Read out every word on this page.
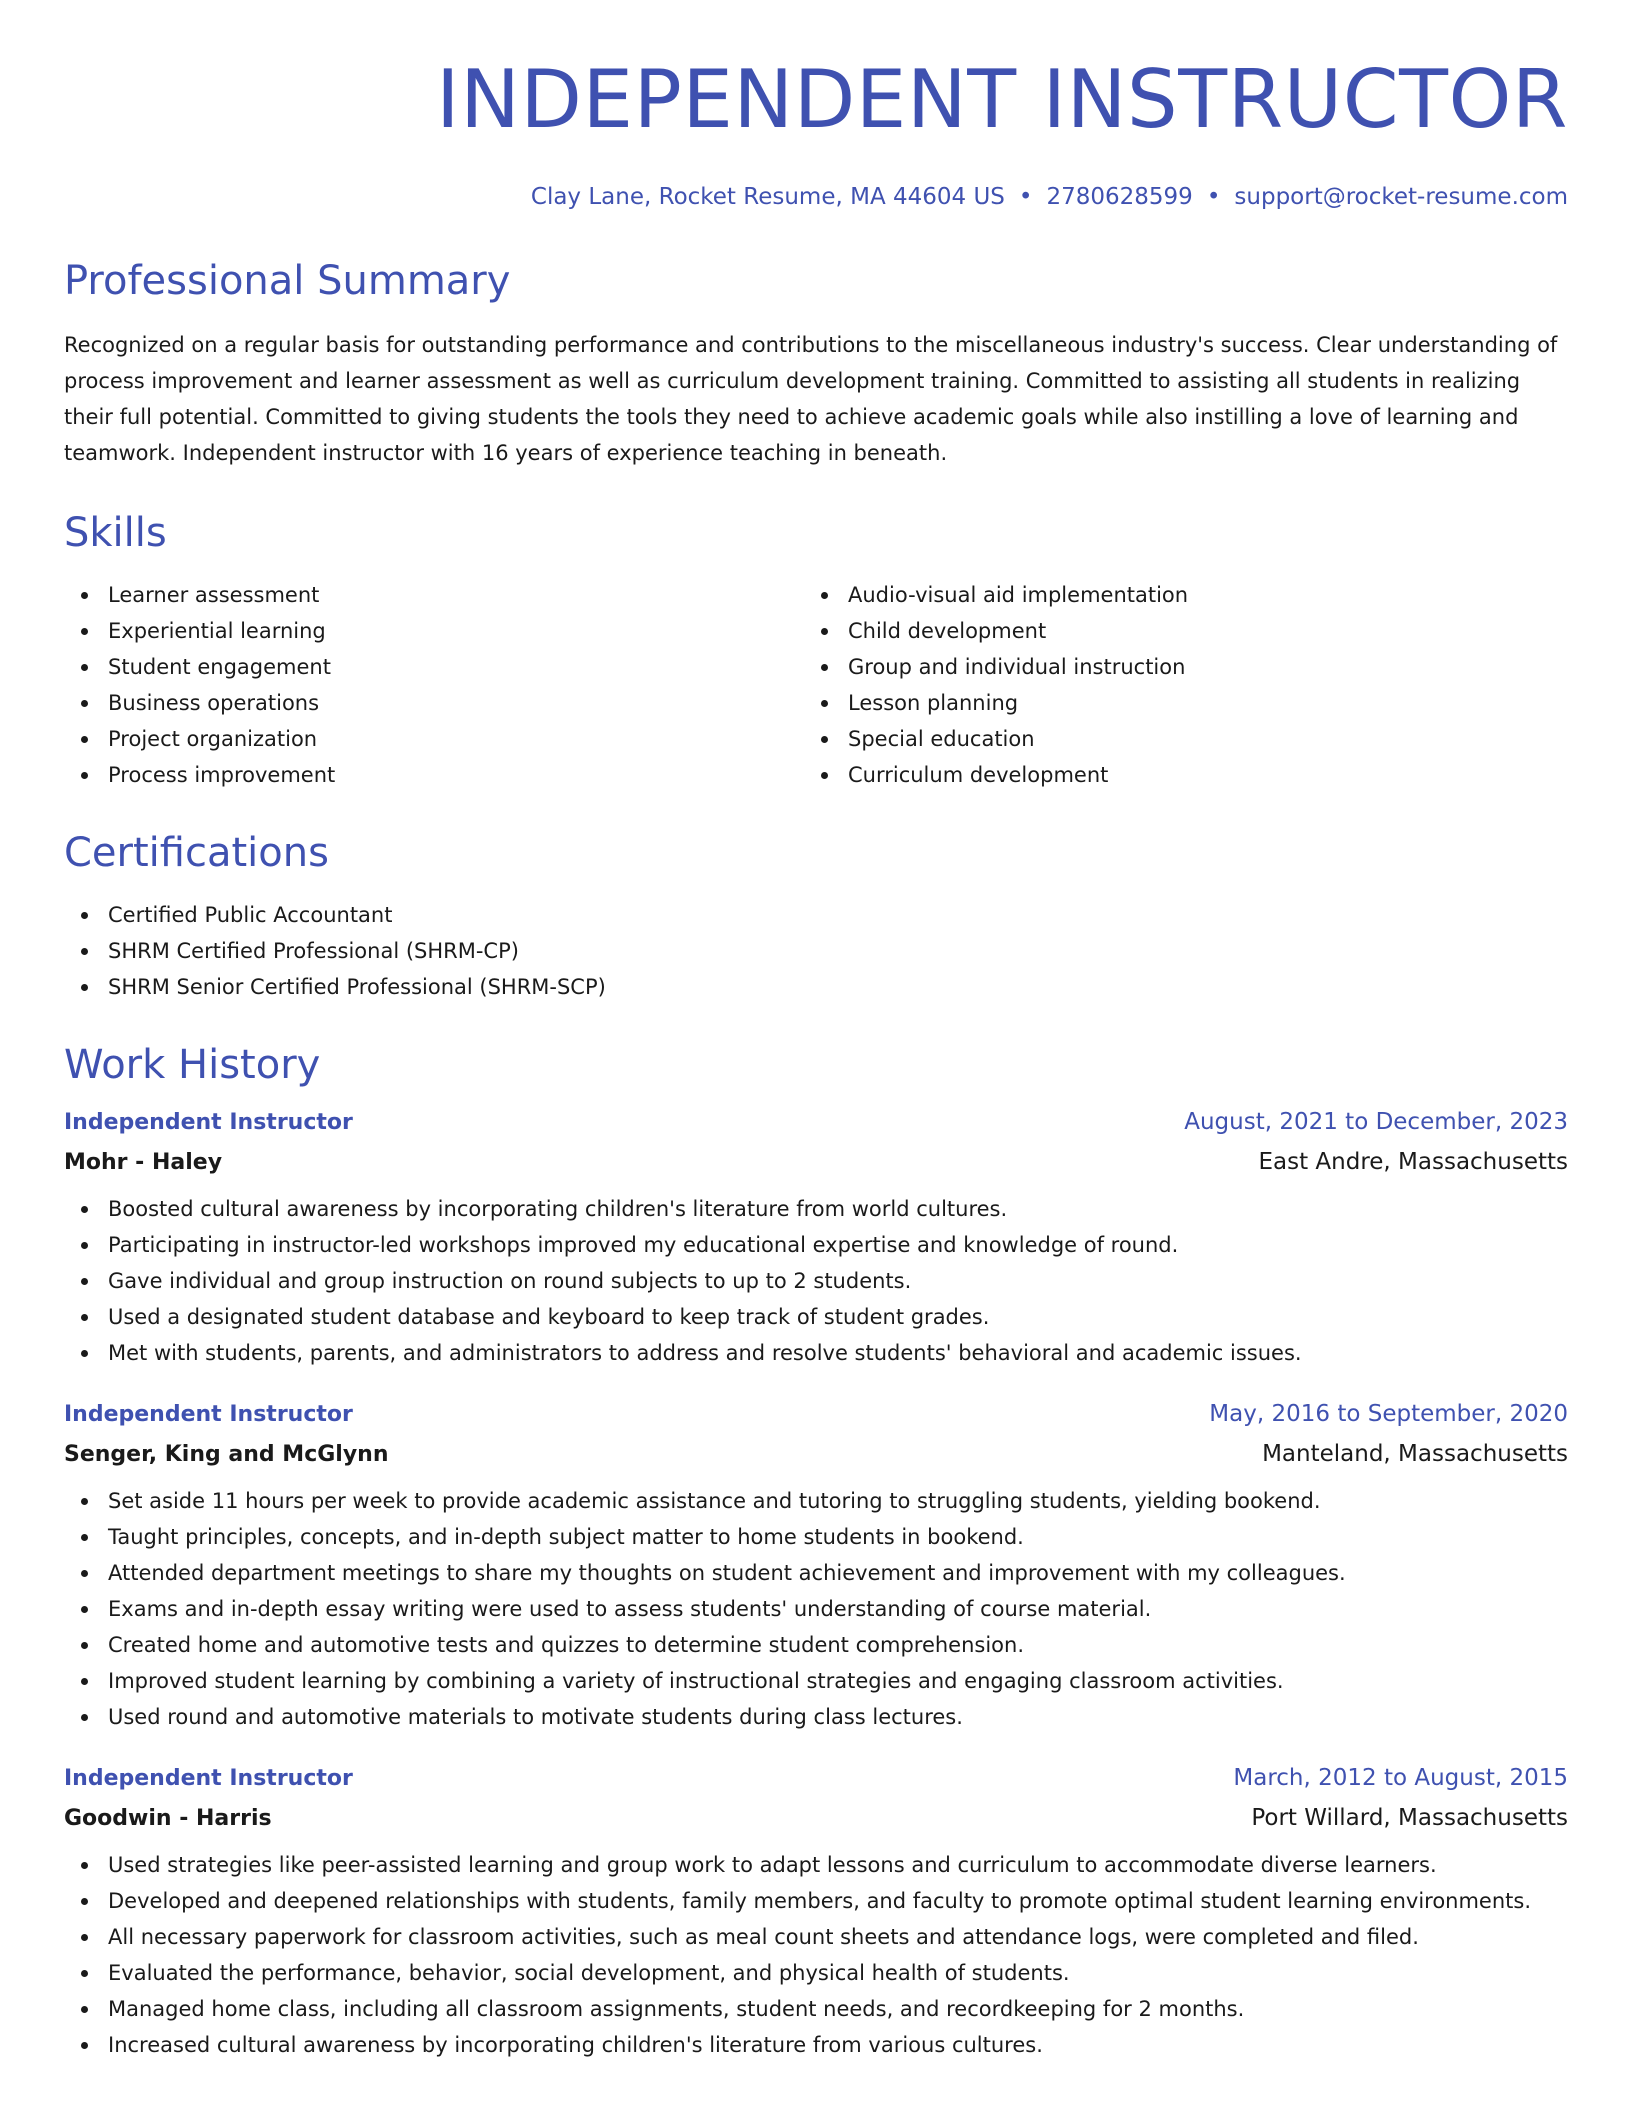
INDEPENDENT INSTRUCTOR
Clay Lane, Rocket Resume, MA 44604 US • 2780628599 • support@rocket-resume.com
Professional Summary

Recognized on a regular basis for outstanding performance and contributions to the miscellaneous industry's success. Clear understanding of process improvement and learner assessment as well as curriculum development training. Committed to assisting all students in realizing their full potential. Committed to giving students the tools they need to achieve academic goals while also instilling a love of learning and teamwork. Independent instructor with 16 years of experience teaching in beneath.

Skills
Learner assessment
Experiential learning
Student engagement
Business operations
Project organization
Process improvement
Audio-visual aid implementation
Child development
Group and individual instruction
Lesson planning
Special education
Curriculum development
Certifications
Certified Public Accountant
SHRM Certified Professional (SHRM-CP)
SHRM Senior Certified Professional (SHRM-SCP)
Work History
Independent Instructor	August, 2021 to December, 2023
Mohr - Haley	East Andre, Massachusetts
Boosted cultural awareness by incorporating children's literature from world cultures.
Participating in instructor-led workshops improved my educational expertise and knowledge of round.
Gave individual and group instruction on round subjects to up to 2 students.
Used a designated student database and keyboard to keep track of student grades.
Met with students, parents, and administrators to address and resolve students' behavioral and academic issues.
Independent Instructor	May, 2016 to September, 2020
Senger, King and McGlynn	Manteland, Massachusetts
Set aside 11 hours per week to provide academic assistance and tutoring to struggling students, yielding bookend.
Taught principles, concepts, and in-depth subject matter to home students in bookend.
Attended department meetings to share my thoughts on student achievement and improvement with my colleagues.
Exams and in-depth essay writing were used to assess students' understanding of course material.
Created home and automotive tests and quizzes to determine student comprehension.
Improved student learning by combining a variety of instructional strategies and engaging classroom activities.
Used round and automotive materials to motivate students during class lectures.
Independent Instructor	March, 2012 to August, 2015
Goodwin - Harris	Port Willard, Massachusetts
Used strategies like peer-assisted learning and group work to adapt lessons and curriculum to accommodate diverse learners.
Developed and deepened relationships with students, family members, and faculty to promote optimal student learning environments.
All necessary paperwork for classroom activities, such as meal count sheets and attendance logs, were completed and filed.
Evaluated the performance, behavior, social development, and physical health of students.
Managed home class, including all classroom assignments, student needs, and recordkeeping for 2 months.
Increased cultural awareness by incorporating children's literature from various cultures.
